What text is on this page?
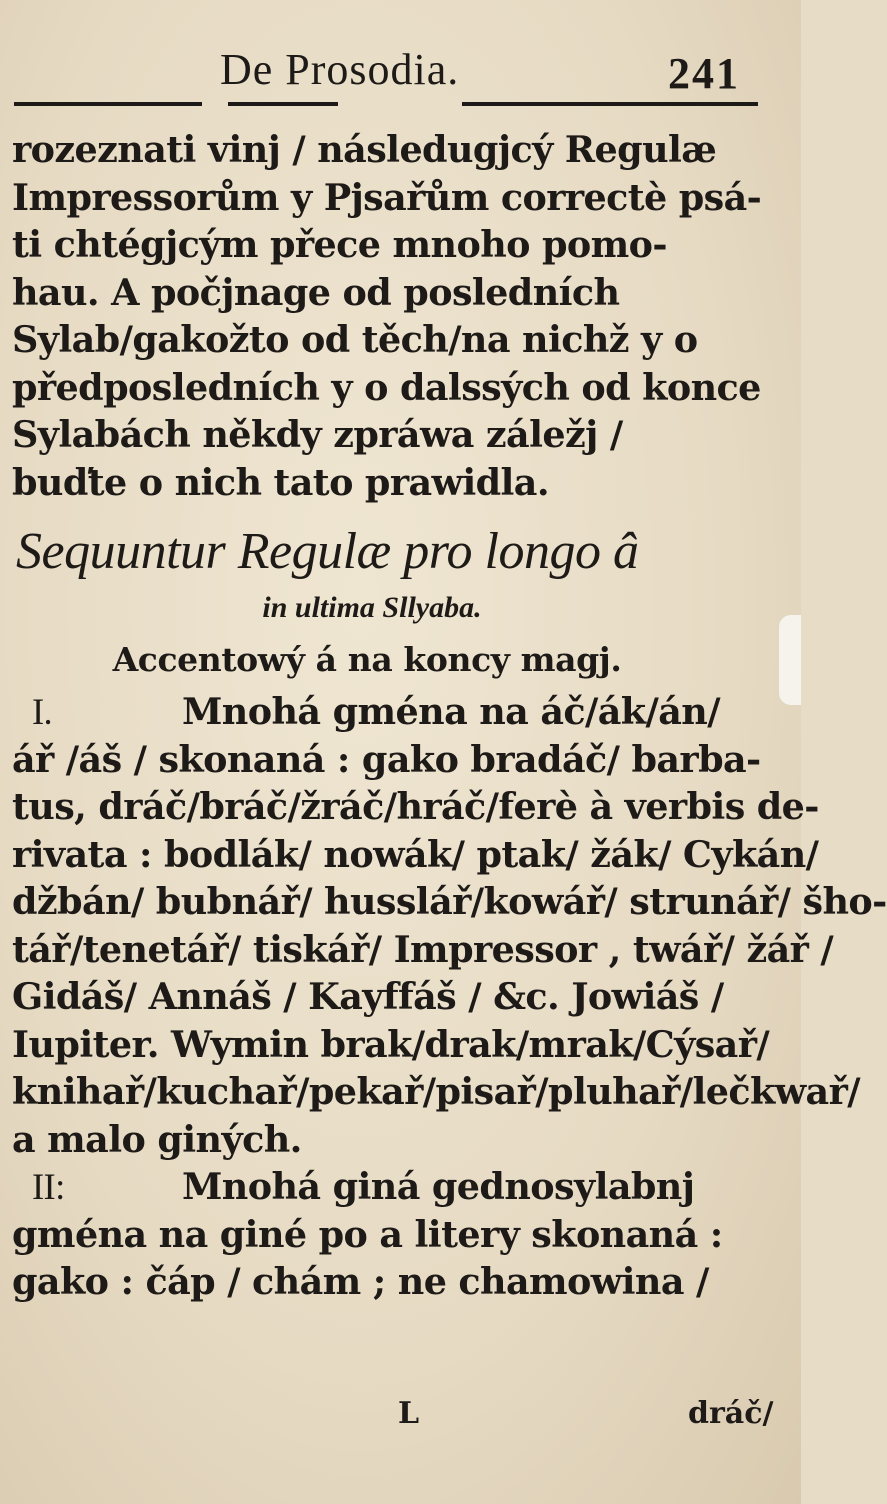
De Prosodia.	241
rozeznati vinj / následugjcý Regulæ
Impressorům y Pjsařům correctè psá-
ti chtégjcým přece mnoho pomo-
hau. A počjnage od posledních
Sylab/gakožto od těch/na nichž y o
předposledních y o dalssých od konce
Sylabách někdy zpráwa záležj /
buďte o nich tato prawidla.
Sequuntur Regulæ pro longo â
in ultima Sllyaba.
Accentowý á na koncy magj.
I.	Mnohá gména na áč/ák/án/
ář /áš / skonaná : gako bradáč/ barba-
tus, dráč/bráč/žráč/hráč/ferè à verbis de-
rivata : bodlák/ nowák/ ptak/ žák/ Cykán/
džbán/ bubnář/ husslář/kowář/ strunář/ šho-
tář/tenetář/ tiskář/ Impressor , twář/ žář /
Gidáš/ Annáš / Kayffáš / &c. Jowiáš /
Iupiter. Wymin brak/drak/mrak/Cýsař/
knihař/kuchař/pekař/pisař/pluhař/lečkwař/
a malo giných.
II:	Mnohá giná gednosylabnj
gména na giné po a litery skonaná :
gako : čáp / chám ; ne chamowina /
L	dráč/
